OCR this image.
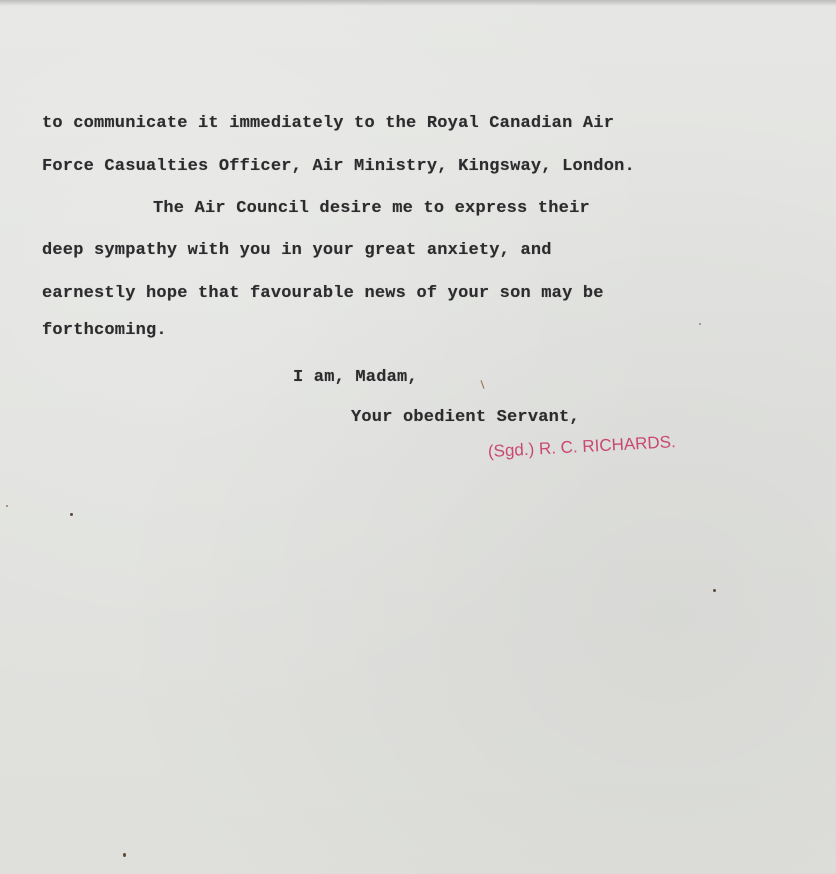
to communicate it immediately to the Royal Canadian Air

Force Casualties Officer, Air Ministry, Kingsway, London.

The Air Council desire me to express their

deep sympathy with you in your great anxiety, and

earnestly hope that favourable news of your son may be

forthcoming.

I am, Madam,

Your obedient Servant,

(Sgd.) R. C. RICHARDS.
